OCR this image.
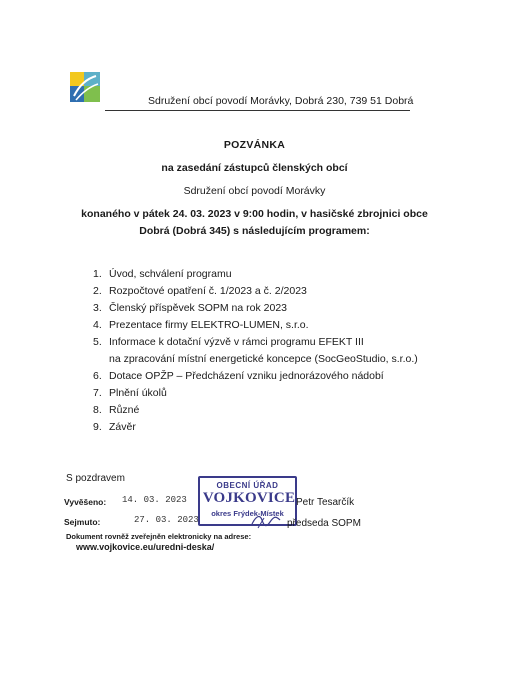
Sdružení obcí povodí Morávky, Dobrá 230, 739 51 Dobrá
POZVÁNKA
na zasedání zástupců členských obcí
Sdružení obcí povodí Morávky
konaného v pátek 24. 03. 2023 v 9:00 hodin, v hasičské zbrojnici obce
Dobrá (Dobrá 345) s následujícím programem:
1. Úvod, schválení programu
2. Rozpočtové opatření č. 1/2023 a č. 2/2023
3. Členský příspěvek SOPM na rok 2023
4. Prezentace firmy ELEKTRO-LUMEN, s.r.o.
5. Informace k dotační výzvě v rámci programu EFEKT III
na zpracování místní energetické koncepce (SocGeoStudio, s.r.o.)
6. Dotace OPŽP – Předcházení vzniku jednorázového nádobí
7. Plnění úkolů
8. Různé
9. Závěr
S pozdravem
Vyvěšeno: 14. 03. 2023
Sejmuto:	27. 03. 2023
Dokument rovněž zveřejněn elektronicky na adrese:
www.vojkovice.eu/uredni-deska/
OBECNÍ ÚŘAD
VOJKOVICE
okres Frýdek-Místek
Petr Tesarčík
předseda SOPM
